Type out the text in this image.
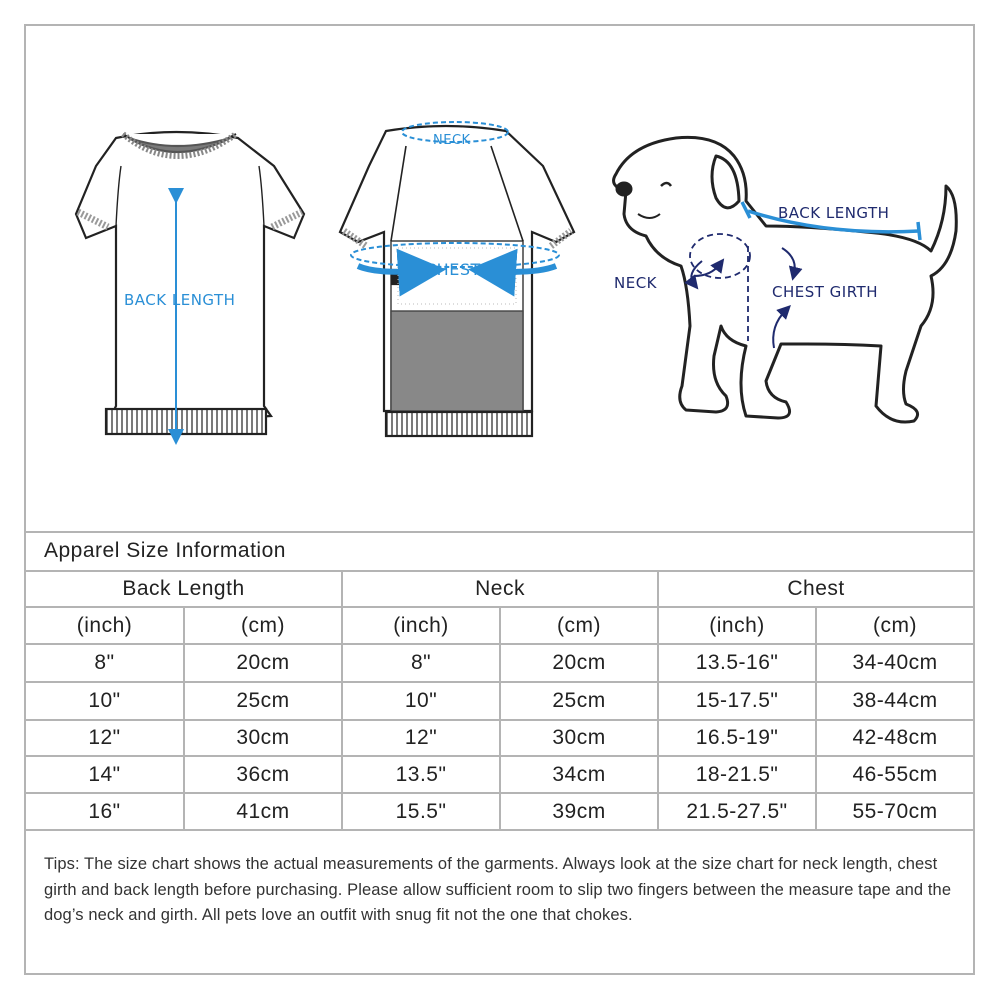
BACK LENGTH
NECK
CHEST
BACK LENGTH
NECK	CHEST GIRTH
Apparel Size Information
Back Length		Neck		Chest	
(inch)	(cm)	(inch)	(cm)	(inch)	(cm)
8"	20cm	8"	20cm	13.5-16"	34-40cm
10"	25cm	10"	25cm	15-17.5"	38-44cm
12"	30cm	12"	30cm	16.5-19"	42-48cm
14"	36cm	13.5"	34cm	18-21.5"	46-55cm
16"	41cm	15.5"	39cm	21.5-27.5"	55-70cm
Tips: The size chart shows the actual measurements of the garments. Always look at the size chart for neck length, chest girth and back length before purchasing. Please allow sufficient room to slip two fingers between the measure tape and the dog’s neck and girth. All pets love an outfit with snug fit not the one that chokes.
